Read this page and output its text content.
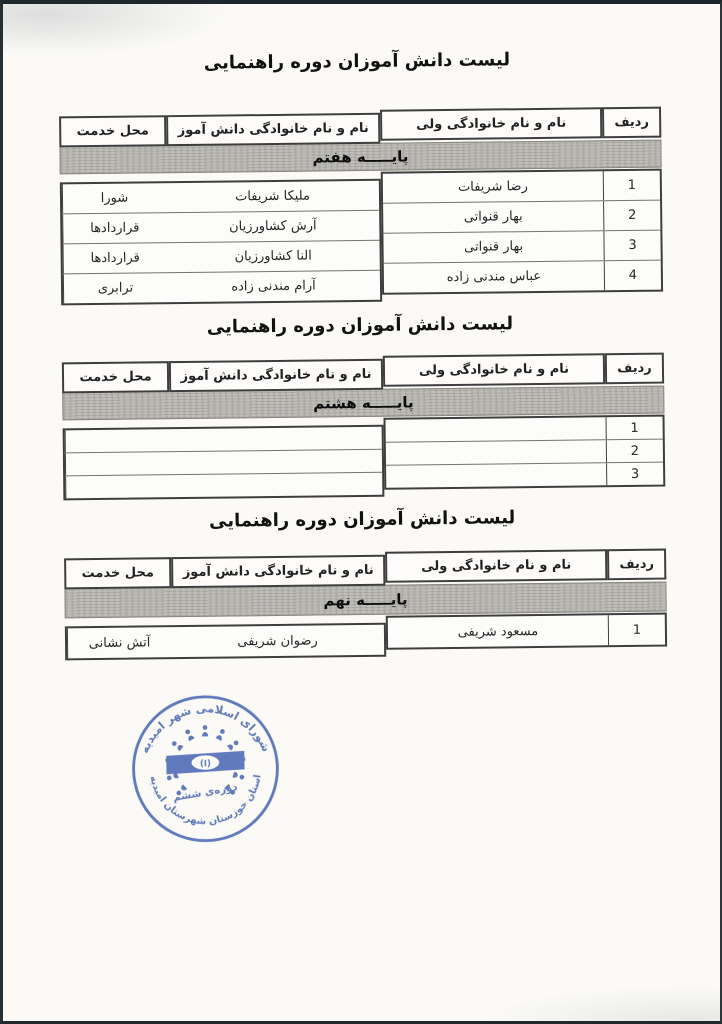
لیست دانش آموزان دوره راهنمایی
ردیف
نام و نام خانوادگی ولی
نام و نام خانوادگی دانش آموز
محل خدمت
پایـــــه هفتم
1
رضا شریفات
2
بهار قنواتی
3
بهار قنواتی
4
عباس مندنی زاده
ملیکا شریفات
شورا
آرش کشاورزیان
قراردادها
النا کشاورزیان
قراردادها
آرام مندنی زاده
ترابری
لیست دانش آموزان دوره راهنمایی
ردیف
نام و نام خانوادگی ولی
نام و نام خانوادگی دانش آموز
محل خدمت
پایـــــه هشتم
1
2
3
لیست دانش آموزان دوره راهنمایی
ردیف
نام و نام خانوادگی ولی
نام و نام خانوادگی دانش آموز
محل خدمت
پایـــــه نهم
1
مسعود شریفی
رضوان شریفی
آتش نشانی
شورای اسلامی شهر امیدیه
استان خوزستان شهرستان امیدیه
(ا)
دوره‌ی ششم
